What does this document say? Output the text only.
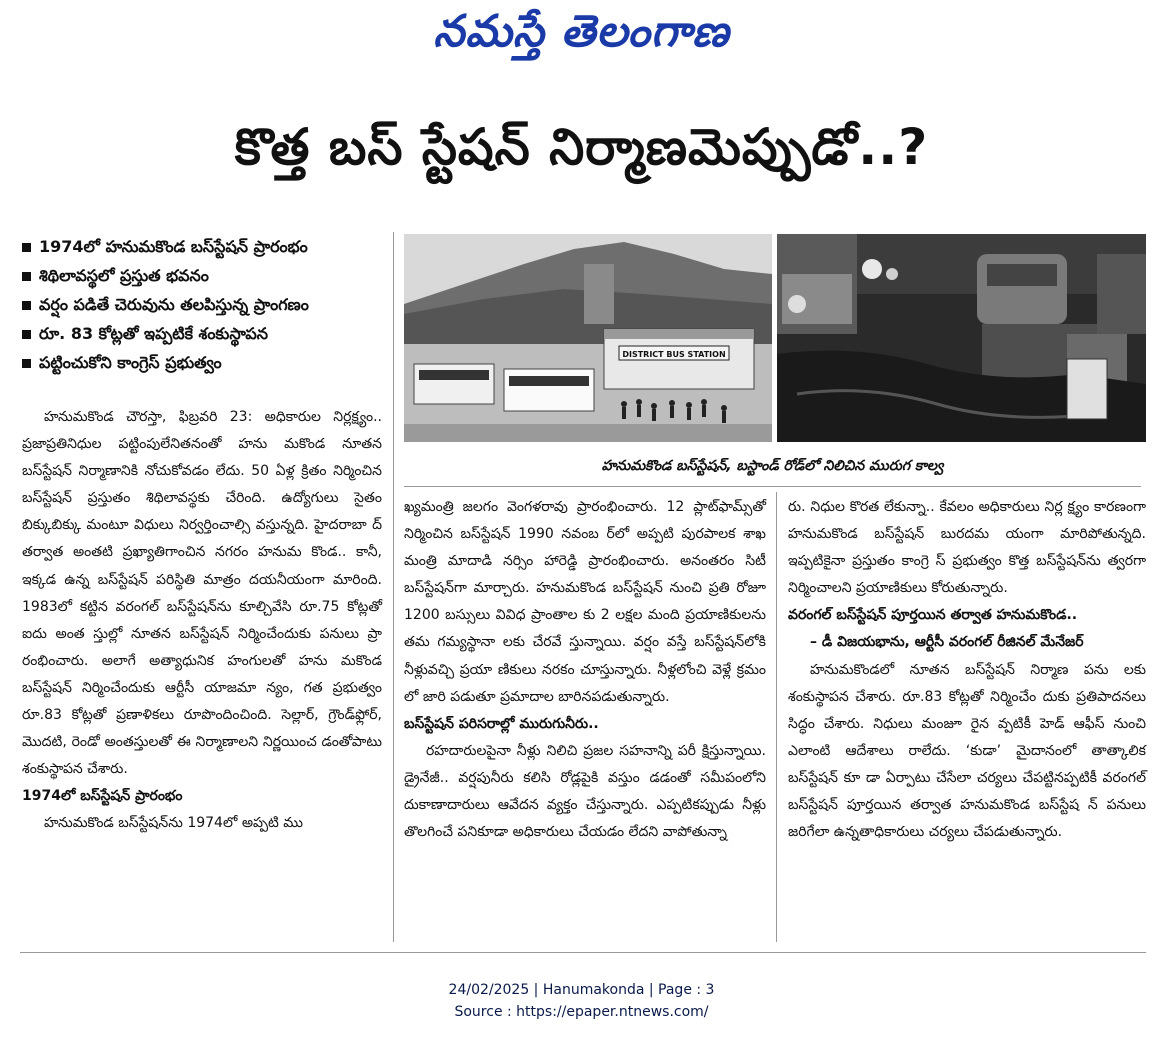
నమస్తే తెలంగాణ
కొత్త బస్ స్టేషన్ నిర్మాణమెప్పుడో..?
1974లో హనుమకొండ బస్‌స్టేషన్ ప్రారంభం
శిథిలావస్థలో ప్రస్తుత భవనం
వర్షం పడితే చెరువును తలపిస్తున్న ప్రాంగణం
రూ. 83 కోట్లతో ఇప్పటికే శంకుస్థాపన
పట్టించుకోని కాంగ్రెస్ ప్రభుత్వం	DISTRICT BUS STATION
హనుమకొండ బస్‌స్టేషన్, బస్టాండ్ రోడ్‌లో నిలిచిన మురుగ కాల్వ

హనుమకొండ చౌరస్తా, ఫిబ్రవరి 23: అధికారుల నిర్లక్ష్యం.. ప్రజాప్రతినిధుల పట్టింపులేనితనంతో హను మకొండ నూతన బస్‌స్టేషన్ నిర్మాణానికి నోచుకోవడం లేదు. 50 ఏళ్ల క్రితం నిర్మించిన బస్‌స్టేషన్ ప్రస్తుతం శిథిలావస్థకు చేరింది. ఉద్యోగులు సైతం బిక్కుబిక్కు మంటూ విధులు నిర్వర్తించాల్సి వస్తున్నది. హైదరాబా ద్ తర్వాత అంతటి ప్రఖ్యాతిగాంచిన నగరం హనుమ కొండ.. కానీ, ఇక్కడ ఉన్న బస్‌స్టేషన్ పరిస్థితి మాత్రం దయనీయంగా మారింది. 1983లో కట్టిన వరంగల్ బస్‌స్టేషన్‌ను కూల్చివేసి రూ.75 కోట్లతో ఐదు అంత స్తుల్లో నూతన బస్‌స్టేషన్ నిర్మించేందుకు పనులు ప్రా రంభించారు. అలాగే అత్యాధునిక హంగులతో హను మకొండ బస్‌స్టేషన్ నిర్మించేందుకు ఆర్టీసీ యాజమా న్యం, గత ప్రభుత్వం రూ.83 కోట్లతో ప్రణాళికలు రూపొందించింది. సెల్లార్, గ్రౌండ్‌ఫ్లోర్, మొదటి, రెండో అంతస్తులతో ఈ నిర్మాణాలని నిర్ణయించ డంతోపాటు శంకుస్థాపన చేశారు.

1974లో బస్‌స్టేషన్ ప్రారంభం

హనుమకొండ బస్‌స్టేషన్‌ను 1974లో అప్పటి ము

ఖ్యమంత్రి జలగం వెంగళరావు ప్రారంభించారు. 12 ప్లాట్‌ఫామ్స్‌తో నిర్మించిన బస్‌స్టేషన్ 1990 నవంబ ర్‌లో అప్పటి పురపాలక శాఖ మంత్రి మాదాడి నర్సిం హారెడ్డి ప్రారంభించారు. అనంతరం సిటీ బస్‌స్టేషన్‌గా మార్చారు. హనుమకొండ బస్‌స్టేషన్ నుంచి ప్రతి రోజూ 1200 బస్సులు వివిధ ప్రాంతాల కు 2 లక్షల మంది ప్రయాణికులను తమ గమ్యస్థానా లకు చేరవే స్తున్నాయి. వర్షం వస్తే బస్‌స్టేషన్‌లోకి నీళ్లువచ్చి ప్రయా ణికులు నరకం చూస్తున్నారు. నీళ్లలోంచి వెళ్లే క్రమం లో జారి పడుతూ ప్రమాదాల బారినపడుతున్నారు.

బస్‌స్టేషన్ పరిసరాల్లో మురుగునీరు..

రహదారులపైనా నీళ్లు నిలిచి ప్రజల సహనాన్ని పరీ క్షిస్తున్నాయి. డ్రైనేజీ.. వర్షపునీరు కలిసి రోడ్లపైకి వస్తుం డడంతో సమీపంలోని దుకాణాదారులు ఆవేదన వ్యక్తం చేస్తున్నారు. ఎప్పటికప్పుడు నీళ్లు తొలగించే పనికూడా అధికారులు చేయడం లేదని వాపోతున్నా

రు. నిధుల కొరత లేకున్నా.. కేవలం అధికారులు నిర్ల క్ష్యం కారణంగా హనుమకొండ బస్‌స్టేషన్ బురదమ యంగా మారిపోతున్నది. ఇప్పటికైనా ప్రస్తుతం కాంగ్రె స్ ప్రభుత్వం కొత్త బస్‌స్టేషన్‌ను త్వరగా నిర్మించాలని ప్రయాణికులు కోరుతున్నారు.

వరంగల్ బస్‌స్టేషన్ పూర్తయిన తర్వాత హనుమకొండ..

– డీ విజయభాను, ఆర్టీసీ వరంగల్ రీజినల్ మేనేజర్

హనుమకొండలో నూతన బస్‌స్టేషన్ నిర్మాణ పను లకు శంకుస్థాపన చేశారు. రూ.83 కోట్లతో నిర్మించేం దుకు ప్రతిపాదనలు సిద్ధం చేశారు. నిధులు మంజూ రైన వ్పటికీ హెడ్ ఆఫీస్ నుంచి ఎలాంటి ఆదేశాలు రాలేదు. ‘కుడా’ మైదానంలో తాత్కాలిక బస్‌స్టేషన్ కూ డా ఏర్పాటు చేసేలా చర్యలు చేపట్టినప్పటికీ వరంగల్ బస్‌స్టేషన్ పూర్తయిన తర్వాత హనుమకొండ బస్‌స్టేష న్ పనులు జరిగేలా ఉన్నతాధికారులు చర్యలు చేపడుతున్నారు.

24/02/2025 | Hanumakonda | Page : 3
Source : https://epaper.ntnews.com/
